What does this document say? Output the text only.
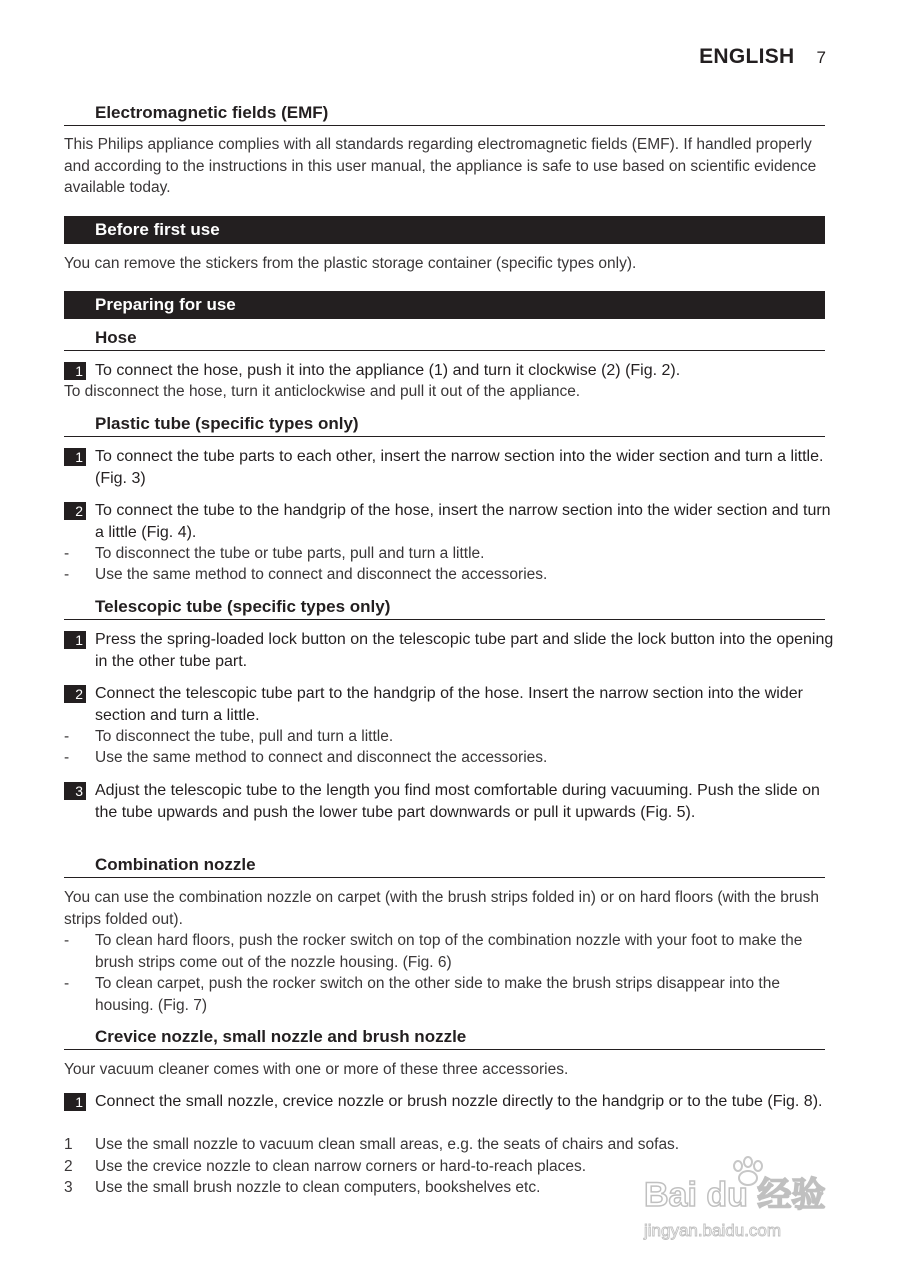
ENGLISH 7
Electromagnetic fields (EMF)
This Philips appliance complies with all standards regarding electromagnetic fields (EMF). If handled properly and according to the instructions in this user manual, the appliance is safe to use based on scientific evidence available today.
Before first use
You can remove the stickers from the plastic storage container (specific types only).
Preparing for use
Hose
1 To connect the hose, push it into the appliance (1) and turn it clockwise (2) (Fig. 2).
To disconnect the hose, turn it anticlockwise and pull it out of the appliance.
Plastic tube (specific types only)
1 To connect the tube parts to each other, insert the narrow section into the wider section and turn a little. (Fig. 3)
2 To connect the tube to the handgrip of the hose, insert the narrow section into the wider section and turn a little (Fig. 4).
- To disconnect the tube or tube parts, pull and turn a little.
- Use the same method to connect and disconnect the accessories.
Telescopic tube (specific types only)
1 Press the spring-loaded lock button on the telescopic tube part and slide the lock button into the opening in the other tube part.
2 Connect the telescopic tube part to the handgrip of the hose. Insert the narrow section into the wider section and turn a little.
- To disconnect the tube, pull and turn a little.
- Use the same method to connect and disconnect the accessories.
3 Adjust the telescopic tube to the length you find most comfortable during vacuuming. Push the slide on the tube upwards and push the lower tube part downwards or pull it upwards (Fig. 5).
Combination nozzle
You can use the combination nozzle on carpet (with the brush strips folded in) or on hard floors (with the brush strips folded out).
- To clean hard floors, push the rocker switch on top of the combination nozzle with your foot to make the brush strips come out of the nozzle housing. (Fig. 6)
- To clean carpet, push the rocker switch on the other side to make the brush strips disappear into the housing. (Fig. 7)
Crevice nozzle, small nozzle and brush nozzle
Your vacuum cleaner comes with one or more of these three accessories.
1 Connect the small nozzle, crevice nozzle or brush nozzle directly to the handgrip or to the tube (Fig. 8).
1 Use the small nozzle to vacuum clean small areas, e.g. the seats of chairs and sofas.
2 Use the crevice nozzle to clean narrow corners or hard-to-reach places.
3 Use the small brush nozzle to clean computers, bookshelves etc.	Bai du 经验
jingyan.baidu.com
